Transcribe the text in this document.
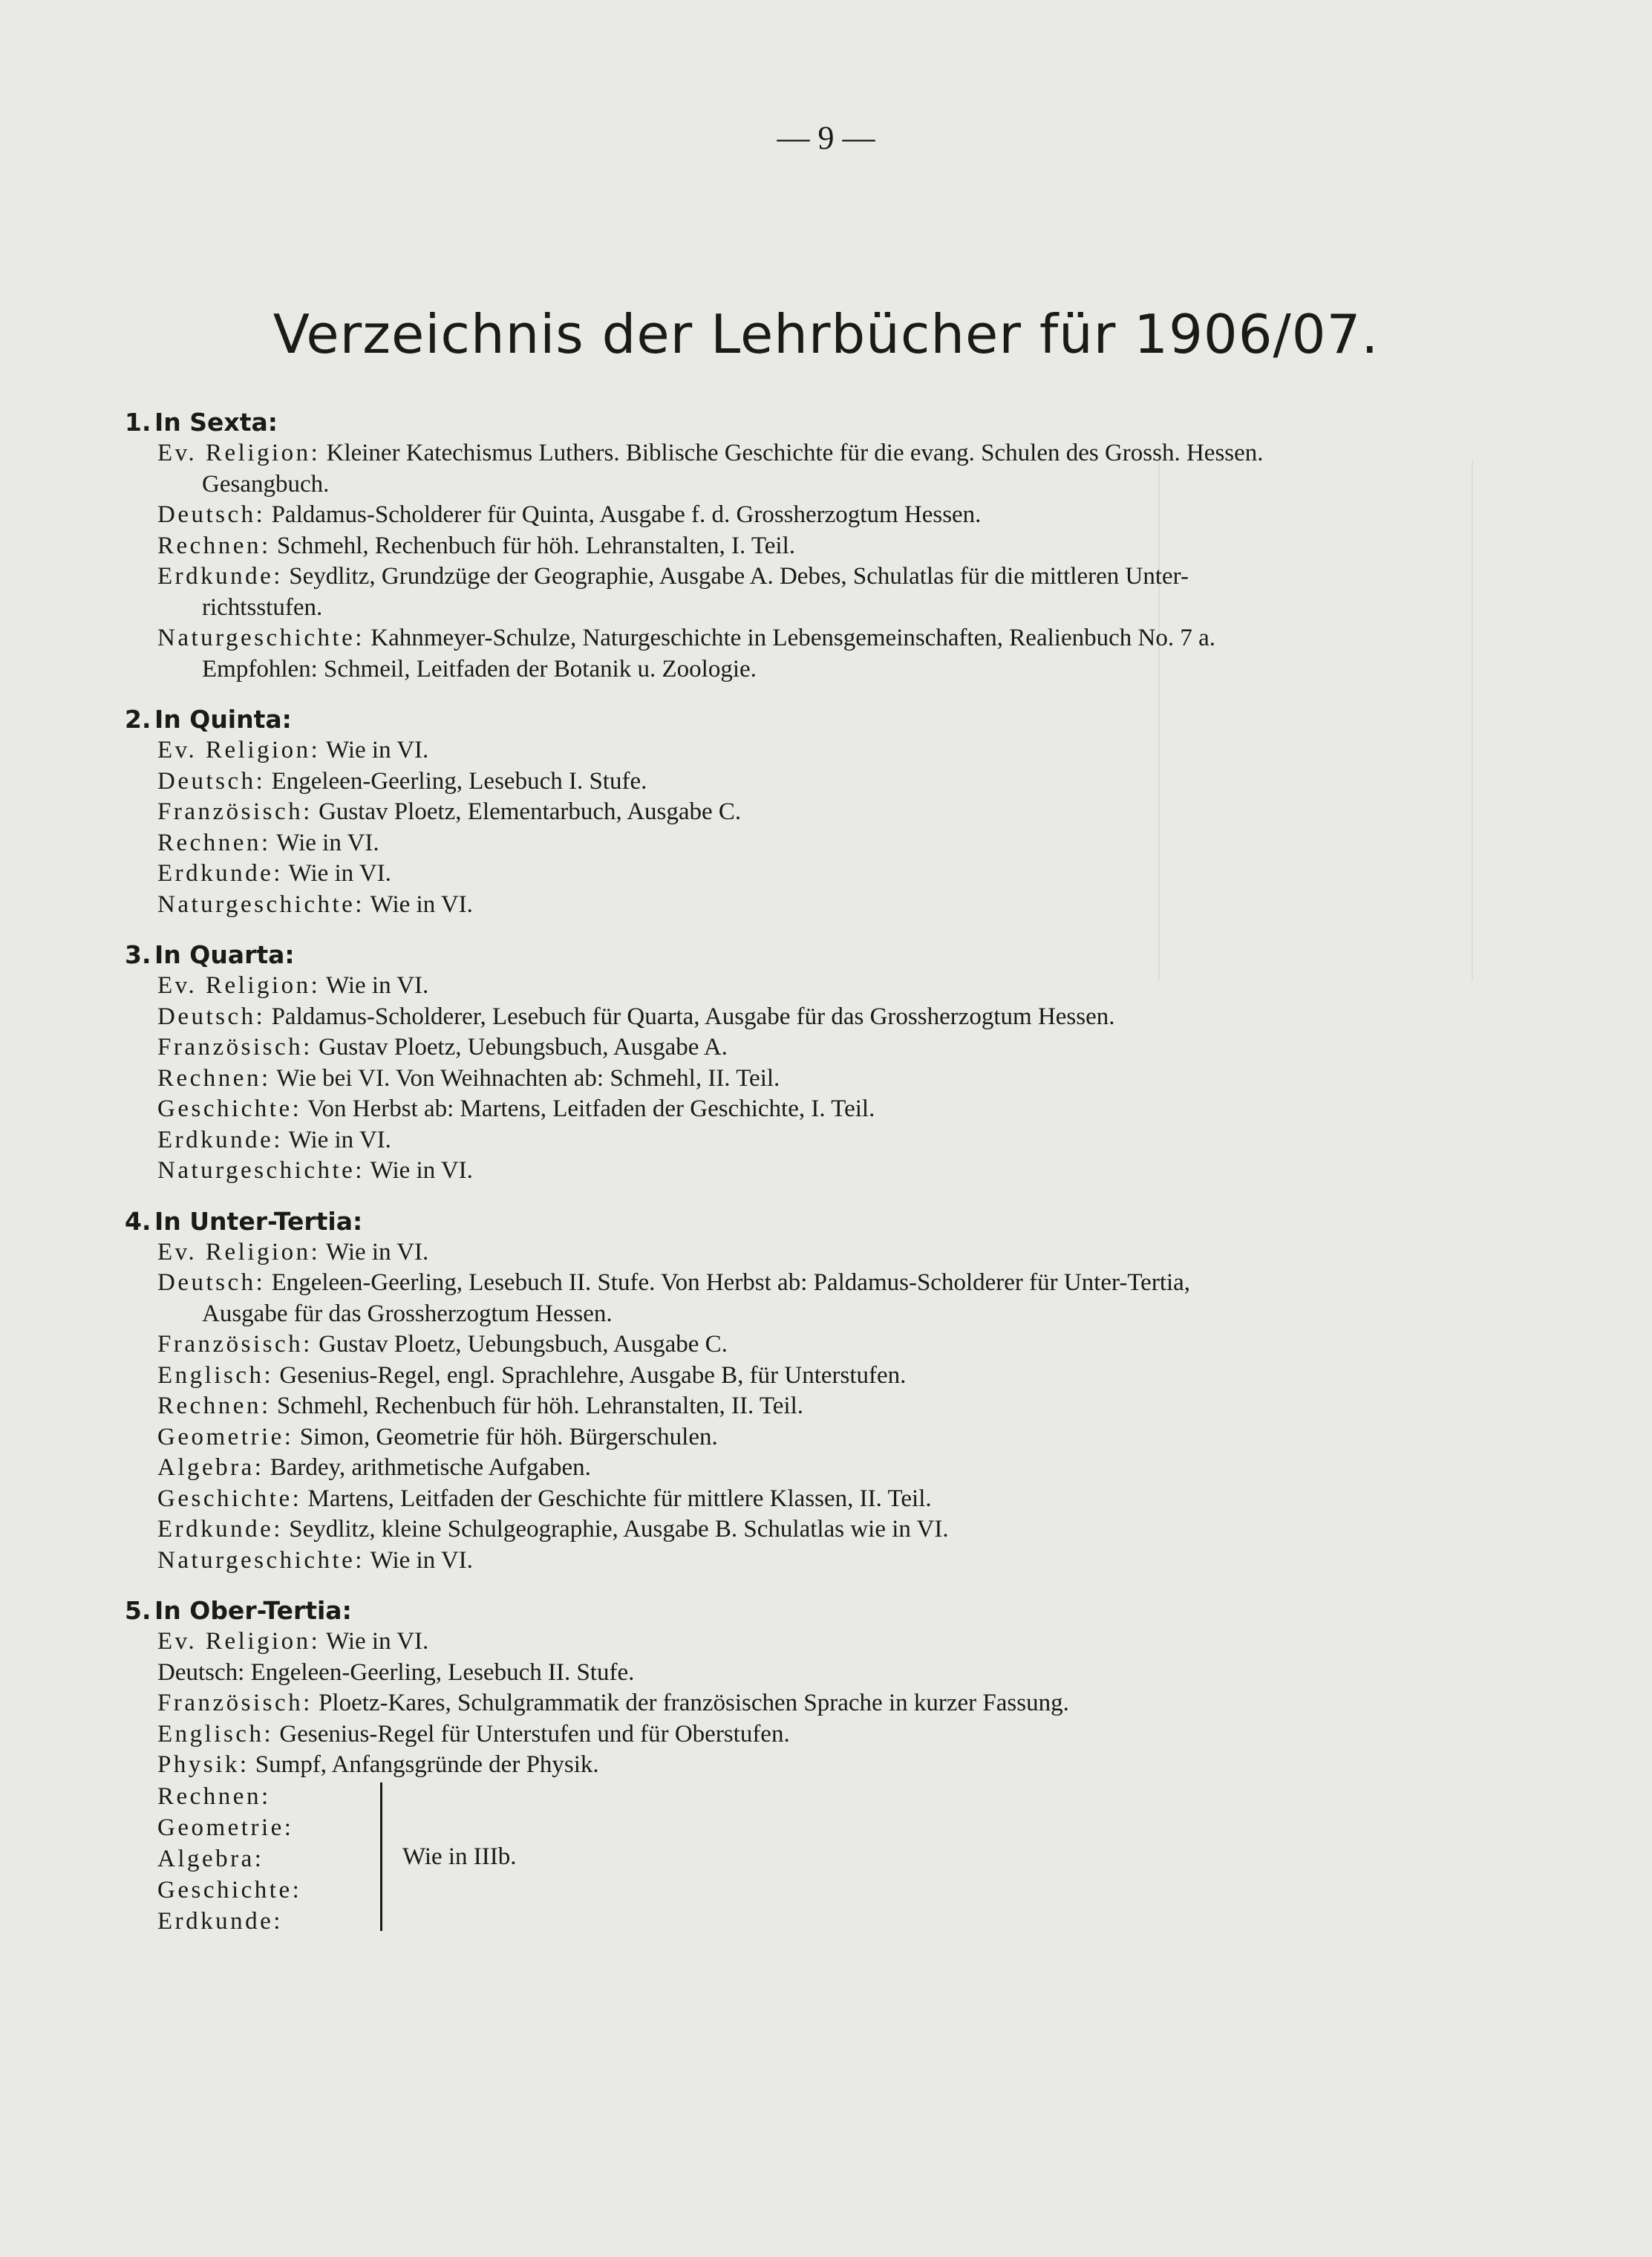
— 9 —
Verzeichnis der Lehrbücher für 1906/07.
1. In Sexta:
Ev. Religion: Kleiner Katechismus Luthers. Biblische Geschichte für die evang. Schulen des Grossh. Hessen.
Gesangbuch.
Deutsch: Paldamus-Scholderer für Quinta, Ausgabe f. d. Grossherzogtum Hessen.
Rechnen: Schmehl, Rechenbuch für höh. Lehranstalten, I. Teil.
Erdkunde: Seydlitz, Grundzüge der Geographie, Ausgabe A. Debes, Schulatlas für die mittleren Unter-
richtsstufen.
Naturgeschichte: Kahnmeyer-Schulze, Naturgeschichte in Lebensgemeinschaften, Realienbuch No. 7 a.
Empfohlen: Schmeil, Leitfaden der Botanik u. Zoologie.
2. In Quinta:
Ev. Religion: Wie in VI.
Deutsch: Engeleen-Geerling, Lesebuch I. Stufe.
Französisch: Gustav Ploetz, Elementarbuch, Ausgabe C.
Rechnen: Wie in VI.
Erdkunde: Wie in VI.
Naturgeschichte: Wie in VI.
3. In Quarta:
Ev. Religion: Wie in VI.
Deutsch: Paldamus-Scholderer, Lesebuch für Quarta, Ausgabe für das Grossherzogtum Hessen.
Französisch: Gustav Ploetz, Uebungsbuch, Ausgabe A.
Rechnen: Wie bei VI. Von Weihnachten ab: Schmehl, II. Teil.
Geschichte: Von Herbst ab: Martens, Leitfaden der Geschichte, I. Teil.
Erdkunde: Wie in VI.
Naturgeschichte: Wie in VI.
4. In Unter-Tertia:
Ev. Religion: Wie in VI.
Deutsch: Engeleen-Geerling, Lesebuch II. Stufe. Von Herbst ab: Paldamus-Scholderer für Unter-Tertia,
Ausgabe für das Grossherzogtum Hessen.
Französisch: Gustav Ploetz, Uebungsbuch, Ausgabe C.
Englisch: Gesenius-Regel, engl. Sprachlehre, Ausgabe B, für Unterstufen.
Rechnen: Schmehl, Rechenbuch für höh. Lehranstalten, II. Teil.
Geometrie: Simon, Geometrie für höh. Bürgerschulen.
Algebra: Bardey, arithmetische Aufgaben.
Geschichte: Martens, Leitfaden der Geschichte für mittlere Klassen, II. Teil.
Erdkunde: Seydlitz, kleine Schulgeographie, Ausgabe B. Schulatlas wie in VI.
Naturgeschichte: Wie in VI.
5. In Ober-Tertia:
Ev. Religion: Wie in VI.
Deutsch: Engeleen-Geerling, Lesebuch II. Stufe.
Französisch: Ploetz-Kares, Schulgrammatik der französischen Sprache in kurzer Fassung.
Englisch: Gesenius-Regel für Unterstufen und für Oberstufen.
Physik: Sumpf, Anfangsgründe der Physik.
Rechnen:
Geometrie:
Algebra:
Geschichte:
Erdkunde:
Wie in IIIb.
